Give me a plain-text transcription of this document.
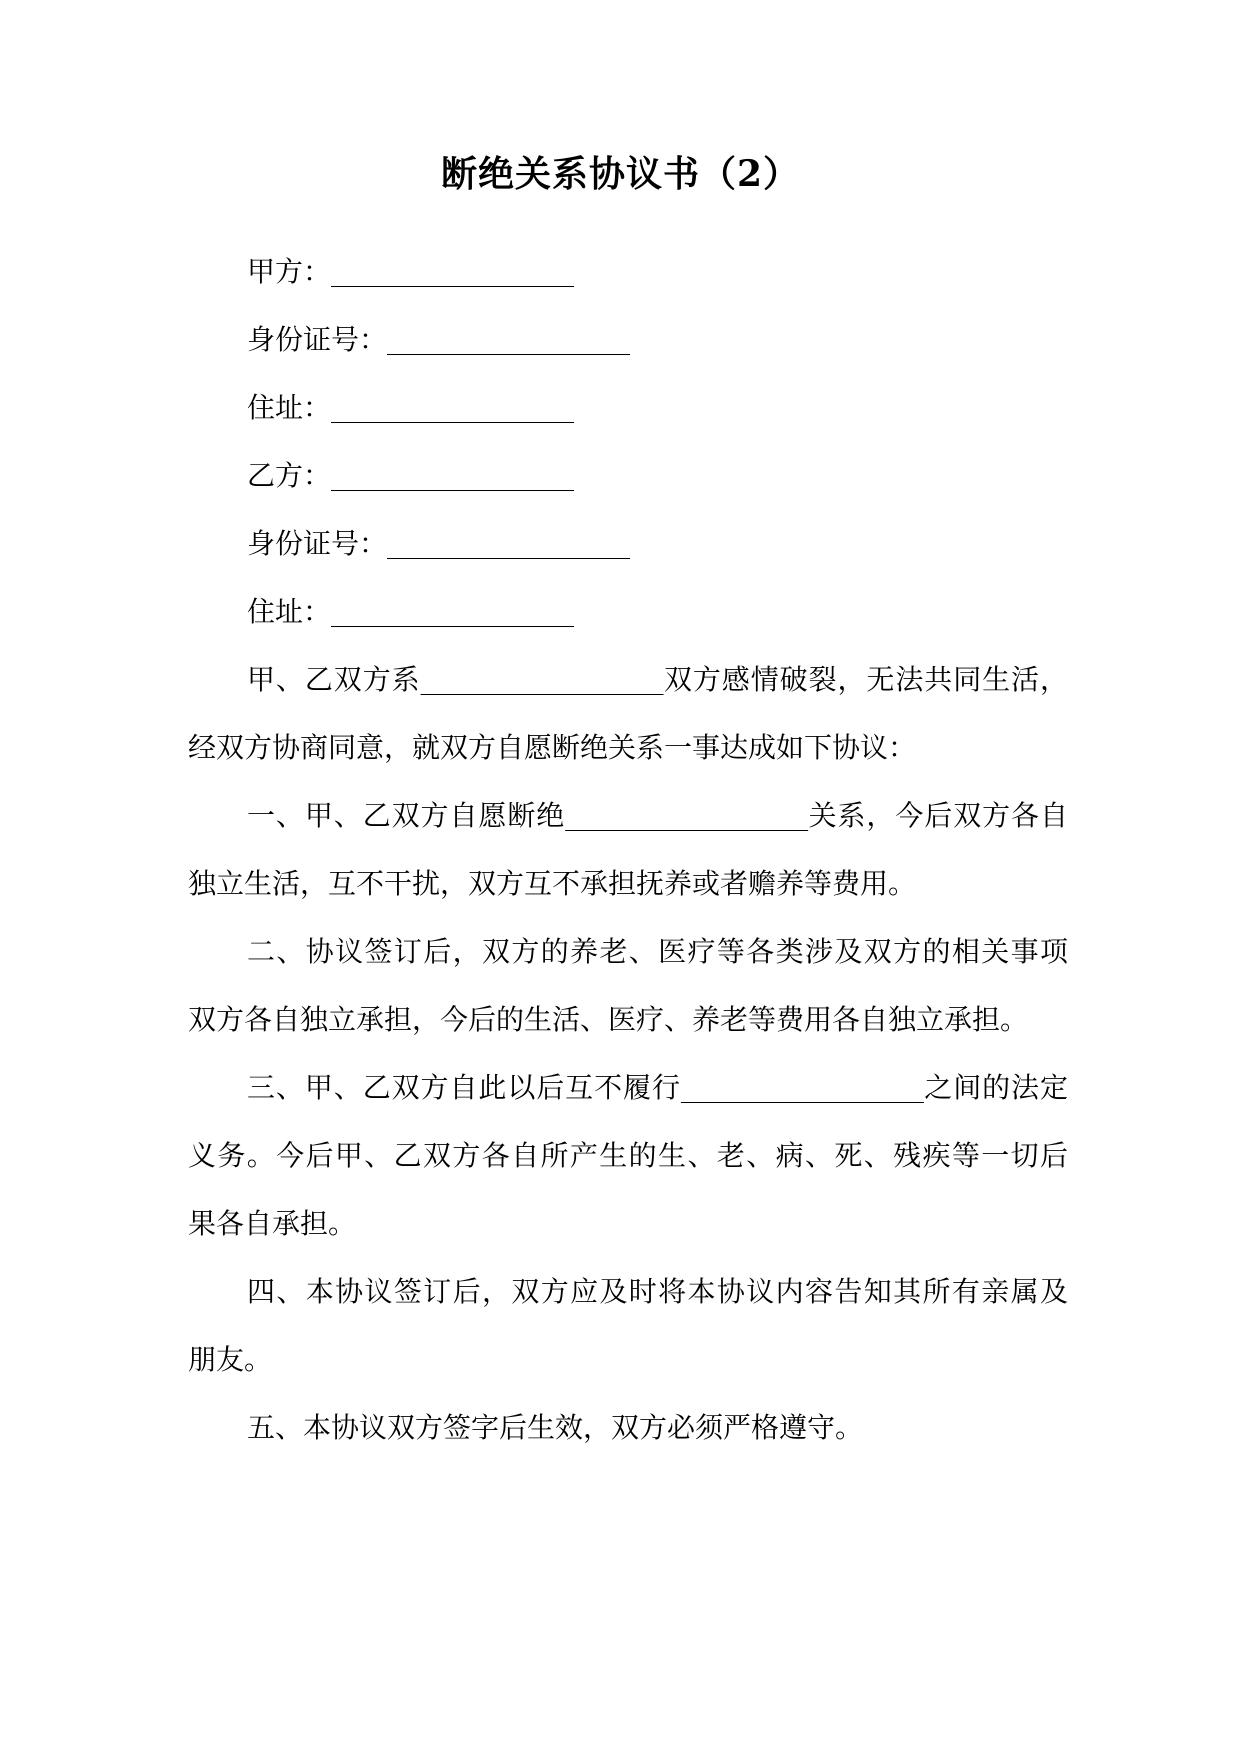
断绝关系协议书（2）
甲方：________________
身份证号：________________
住址：________________
乙方：________________
身份证号：________________
住址：________________
甲、乙双方系________________双方感情破裂，无法共同生活，
经双方协商同意，就双方自愿断绝关系一事达成如下协议：
一、甲、乙双方自愿断绝________________关系，今后双方各自
独立生活，互不干扰，双方互不承担抚养或者赡养等费用。
二、协议签订后，双方的养老、医疗等各类涉及双方的相关事项
双方各自独立承担，今后的生活、医疗、养老等费用各自独立承担。
三、甲、乙双方自此以后互不履行________________之间的法定
义务。今后甲、乙双方各自所产生的生、老、病、死、残疾等一切后
果各自承担。
四、本协议签订后，双方应及时将本协议内容告知其所有亲属及
朋友。
五、本协议双方签字后生效，双方必须严格遵守。
